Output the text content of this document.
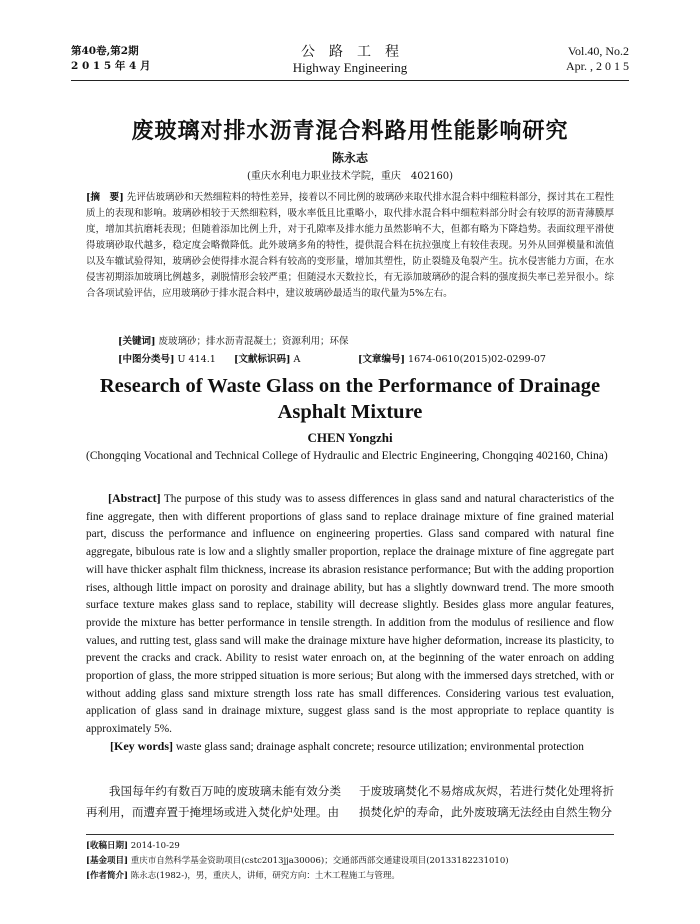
第40卷,第2期
2 0 1 5 年 4 月
公　路　工　程
Highway Engineering
Vol.40, No.2
Apr. , 2 0 1 5
废玻璃对排水沥青混合料路用性能影响研究
陈永志
(重庆水利电力职业技术学院，重庆　402160)
[摘　要] 先评估玻璃砂和天然细粒料的特性差异，接着以不同比例的玻璃砂来取代排水混合料中细粒料部分，探讨其在工程性质上的表现和影响。玻璃砂相较于天然细粒料，吸水率低且比重略小，取代排水混合料中细粒料部分时会有较厚的沥青薄膜厚度，增加其抗磨耗表现；但随着添加比例上升，对于孔隙率及排水能力虽然影响不大，但都有略为下降趋势。表面纹理平滑使得玻璃砂取代越多，稳定度会略微降低。此外玻璃多角的特性，提供混合料在抗拉强度上有较佳表现。另外从回弹模量和流值以及车辙试验得知，玻璃砂会使得排水混合料有较高的变形量，增加其塑性，防止裂缝及龟裂产生。抗水侵害能力方面，在水侵害初期添加玻璃比例越多，剥脱情形会较严重；但随浸水天数拉长，有无添加玻璃砂的混合料的强度损失率已差异很小。综合各项试验评估，应用玻璃砂于排水混合料中，建议玻璃砂最适当的取代量为5%左右。
[关键词] 废玻璃砂；排水沥青混凝土；资源利用；环保
[中图分类号] U 414.1 [文献标识码] A	[文章编号] 1674-0610(2015)02-0299-07
Research of Waste Glass on the Performance of Drainage Asphalt Mixture
CHEN Yongzhi
(Chongqing Vocational and Technical College of Hydraulic and Electric Engineering, Chongqing 402160, China)
[Abstract] The purpose of this study was to assess differences in glass sand and natural characteristics of the fine aggregate, then with different proportions of glass sand to replace drainage mixture of fine grained material part, discuss the performance and influence on engineering properties. Glass sand compared with natural fine aggregate, bibulous rate is low and a slightly smaller proportion, replace the drainage mixture of fine aggregate part will have thicker asphalt film thickness, increase its abrasion resistance performance; But with the adding proportion rises, although little impact on porosity and drainage ability, but has a slightly downward trend. The more smooth surface texture makes glass sand to replace, stability will decrease slightly. Besides glass more angular features, provide the mixture has better performance in tensile strength. In addition from the modulus of resilience and flow values, and rutting test, glass sand will make the drainage mixture have higher deformation, increase its plasticity, to prevent the cracks and crack. Ability to resist water enroach on, at the beginning of the water enroach on adding proportion of glass, the more stripped situation is more serious; But along with the immersed days stretched, with or without adding glass sand mixture strength loss rate has small differences. Considering various test evaluation, application of glass sand in drainage mixture, suggest glass sand is the most appropriate to replace quantity is approximately 5%.
[Key words] waste glass sand; drainage asphalt concrete; resource utilization; environmental protection
我国每年约有数百万吨的废玻璃未能有效分类再利用，而遭弃置于掩埋场或进入焚化炉处理。由
于废玻璃焚化不易熔成灰烬，若进行焚化处理将折损焚化炉的寿命，此外废玻璃无法经由自然生物分
[收稿日期] 2014-10-29
[基金项目] 重庆市自然科学基金资助项目(cstc2013jja30006)；交通部西部交通建设项目(20133182231010)
[作者简介] 陈永志(1982-)，男，重庆人，讲师，研究方向：土木工程施工与管理。
